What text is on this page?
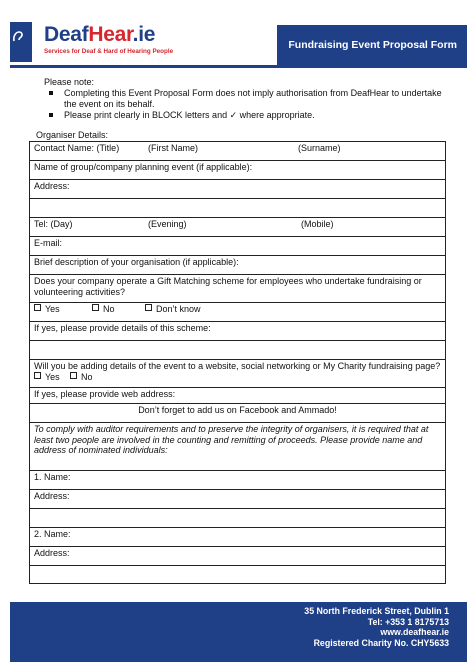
DeafHear.ie
Services for Deaf & Hard of Hearing People
Fundraising Event Proposal Form
Please note:
Completing this Event Proposal Form does not imply authorisation from DeafHear to undertake the event on its behalf.
Please print clearly in BLOCK letters and ✓ where appropriate.
Organiser Details:
Contact Name: (Title)	(First Name)	(Surname)

Name of group/company planning event (if applicable):
Address:

Tel: (Day)	(Evening)	(Mobile)

E-mail:
Brief description of your organisation (if applicable):
Does your company operate a Gift Matching scheme for employees who undertake fundraising or volunteering activities?

Yes	No	Don’t know

If yes, please provide details of this scheme:

Will you be adding details of the event to a website, social networking or My Charity fundraising page?
Yes	No

If yes, please provide web address:
Don’t forget to add us on Facebook and Ammado!
To comply with auditor requirements and to preserve the integrity of organisers, it is required that at least two people are involved in the counting and remitting of proceeds. Please provide name and address of nominated individuals:
1. Name:
Address:

2. Name:
Address:

35 North Frederick Street, Dublin 1
Tel: +353 1 8175713
www.deafhear.ie
Registered Charity No. CHY5633
